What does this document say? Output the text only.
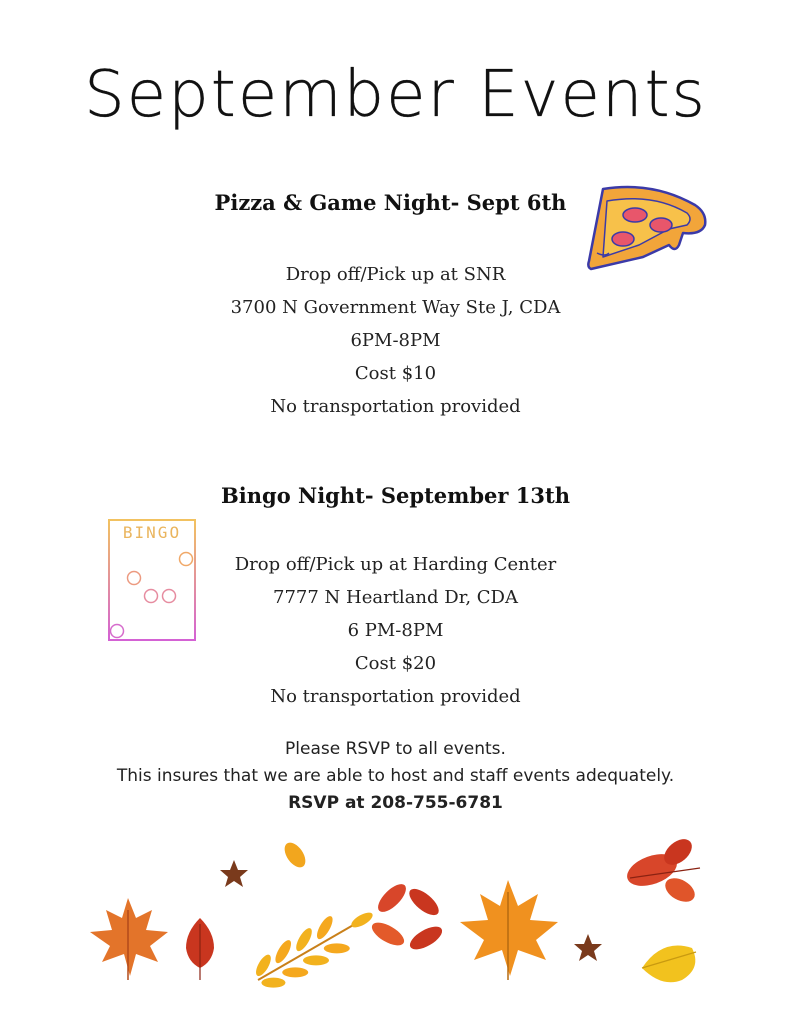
September Events
Pizza & Game Night- Sept 6th
Drop off/Pick up at SNR
3700 N Government Way Ste J, CDA
6PM-8PM
Cost $10
No transportation provided
Bingo Night- September 13th
Drop off/Pick up at Harding Center
7777 N Heartland Dr, CDA
6 PM-8PM
Cost $20
No transportation provided
BINGO
Please RSVP to all events.
This insures that we are able to host and staff events adequately.
RSVP at 208-755-6781
